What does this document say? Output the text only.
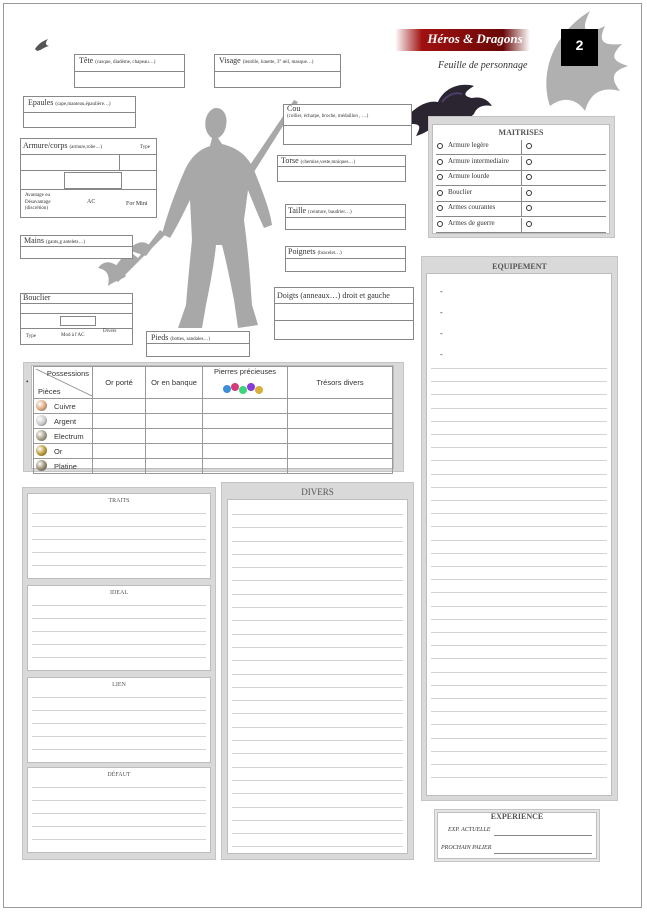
Héros & Dragons
Feuille de personnage
2
Tête (casque, diadème, chapeau…)	Visage (lentille, lunette, 3° œil, masque…)
Epaules (cape,manteau,épaulière…)	Cou
(collier, écharpe, broche, médaillon , …)
Armure/corps (armure,robe…)	Type
Avantage ou Désavantage (discrétion)
AC	For Mini
Torse (chemise,veste,tuniques…)
Taille (ceinture, baudrier…)
Mains (gants,g antelets…)
Poignets (bracelet…)
Bouclier
Type	Mod à l'AC
Divers
Doigts (anneaux…) droit et gauche
Pieds (bottes, sandales…)
MAITRISES
Armure legère
Armure intermediaire
Armure lourde
Bouclier
Armes courantes
Armes de guerre
EQUIPEMENT
-
-
-
-
•
Possessions
Pièces	Or porté	Or en banque	Pierres précieuses	Trésors divers

Cuivre				

Argent				

Electrum				

Or				

Platine				
TRAITS
IDEAL
LIEN
DÉFAUT
DIVERS
EXPERIENCE
EXP. ACTUELLE
PROCHAIN PALIER
